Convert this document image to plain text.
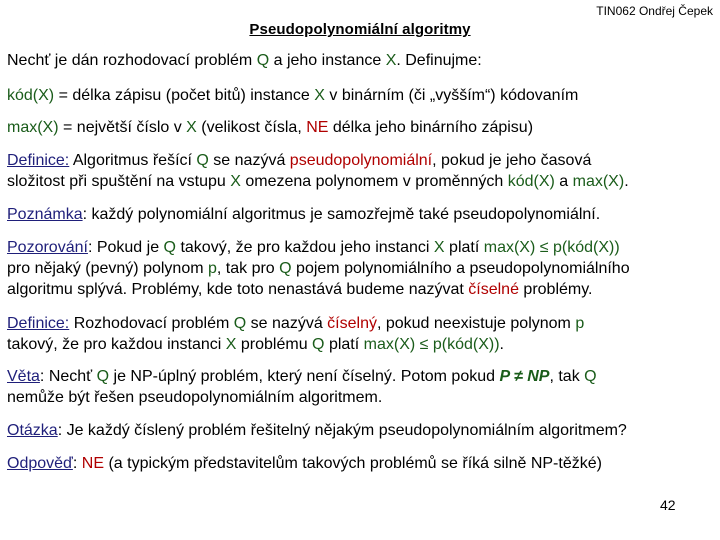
TIN062 Ondřej Čepek
Pseudopolynomiální algoritmy

Nechť je dán rozhodovací problém Q a jeho instance X. Definujme:

kód(X) = délka zápisu (počet bitů) instance X v binárním (či „vyšším“) kódovaním

max(X) = největší číslo v X (velikost čísla, NE délka jeho binárního zápisu)

Definice: Algoritmus řešící Q se nazývá pseudopolynomiální, pokud je jeho časová
složitost při spuštění na vstupu X omezena polynomem v proměnných kód(X) a max(X).

Poznámka: každý polynomiální algoritmus je samozřejmě také pseudopolynomiální.

Pozorování: Pokud je Q takový, že pro každou jeho instanci X platí max(X) ≤ p(kód(X))
pro nějaký (pevný) polynom p, tak pro Q pojem polynomiálního a pseudopolynomiálního
algoritmu splývá. Problémy, kde toto nenastává budeme nazývat číselné problémy.

Definice: Rozhodovací problém Q se nazývá číselný, pokud neexistuje polynom p
takový, že pro každou instanci X problému Q platí max(X) ≤ p(kód(X)).

Věta: Nechť Q je NP-úplný problém, který není číselný. Potom pokud P ≠ NP, tak Q
nemůže být řešen pseudopolynomiálním algoritmem.

Otázka: Je každý číslený problém řešitelný nějakým pseudopolynomiálním algoritmem?

Odpověď: NE (a typickým představitelům takových problémů se říká silně NP-těžké)

42
